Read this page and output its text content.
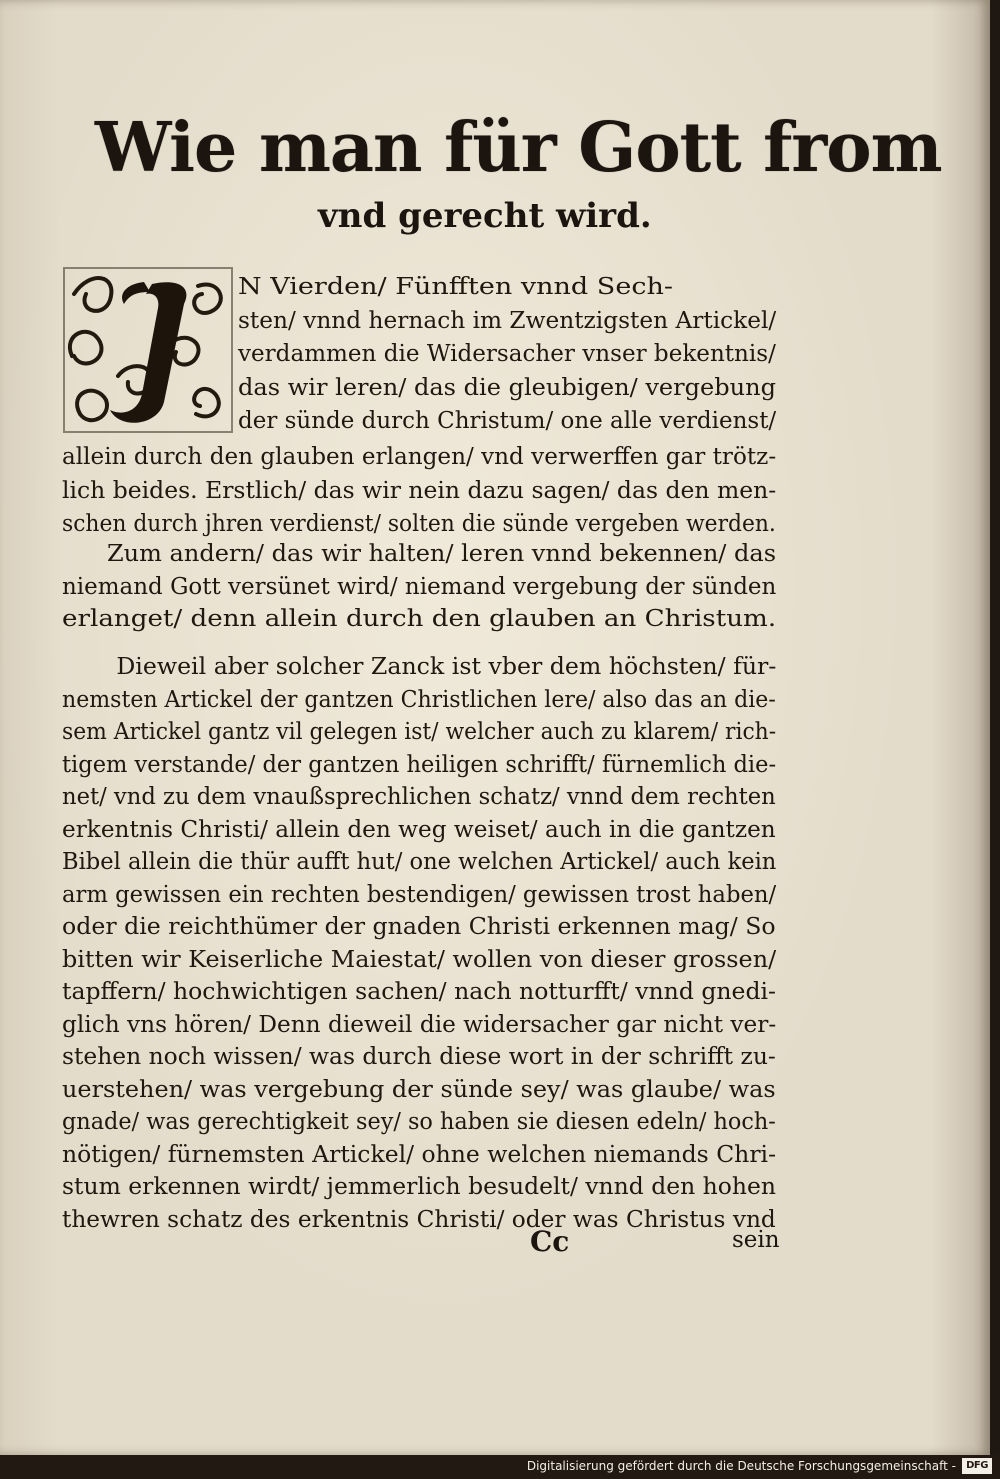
Wie man für Gott from
vnd gerecht wird.
N Vierden/ Fünfften vnnd Sech-
sten/ vnnd hernach im Zwentzigsten Artickel/
verdammen die Widersacher vnser bekentnis/
das wir leren/ das die gleubigen/ vergebung
der sünde durch Christum/ one alle verdienst/
allein durch den glauben erlangen/ vnd verwerffen gar trötz-
lich beides. Erstlich/ das wir nein dazu sagen/ das den men-
schen durch jhren verdienst/ solten die sünde vergeben werden.
Zum andern/ das wir halten/ leren vnnd bekennen/ das
niemand Gott versünet wird/ niemand vergebung der sünden
erlanget/ denn allein durch den glauben an Christum.
Dieweil aber solcher Zanck ist vber dem höchsten/ für-
nemsten Artickel der gantzen Christlichen lere/ also das an die-
sem Artickel gantz vil gelegen ist/ welcher auch zu klarem/ rich-
tigem verstande/ der gantzen heiligen schrifft/ fürnemlich die-
net/ vnd zu dem vnaußsprechlichen schatz/ vnnd dem rechten
erkentnis Christi/ allein den weg weiset/ auch in die gantzen
Bibel allein die thür aufft hut/ one welchen Artickel/ auch kein
arm gewissen ein rechten bestendigen/ gewissen trost haben/
oder die reichthümer der gnaden Christi erkennen mag/ So
bitten wir Keiserliche Maiestat/ wollen von dieser grossen/
tapffern/ hochwichtigen sachen/ nach notturfft/ vnnd gnedi-
glich vns hören/ Denn dieweil die widersacher gar nicht ver-
stehen noch wissen/ was durch diese wort in der schrifft zu-
uerstehen/ was vergebung der sünde sey/ was glaube/ was
gnade/ was gerechtigkeit sey/ so haben sie diesen edeln/ hoch-
nötigen/ fürnemsten Artickel/ ohne welchen niemands Chri-
stum erkennen wirdt/ jemmerlich besudelt/ vnnd den hohen
thewren schatz des erkentnis Christi/ oder was Christus vnd
Cc	sein
Digitalisierung gefördert durch die Deutsche Forschungsgemeinschaft -	DFG
